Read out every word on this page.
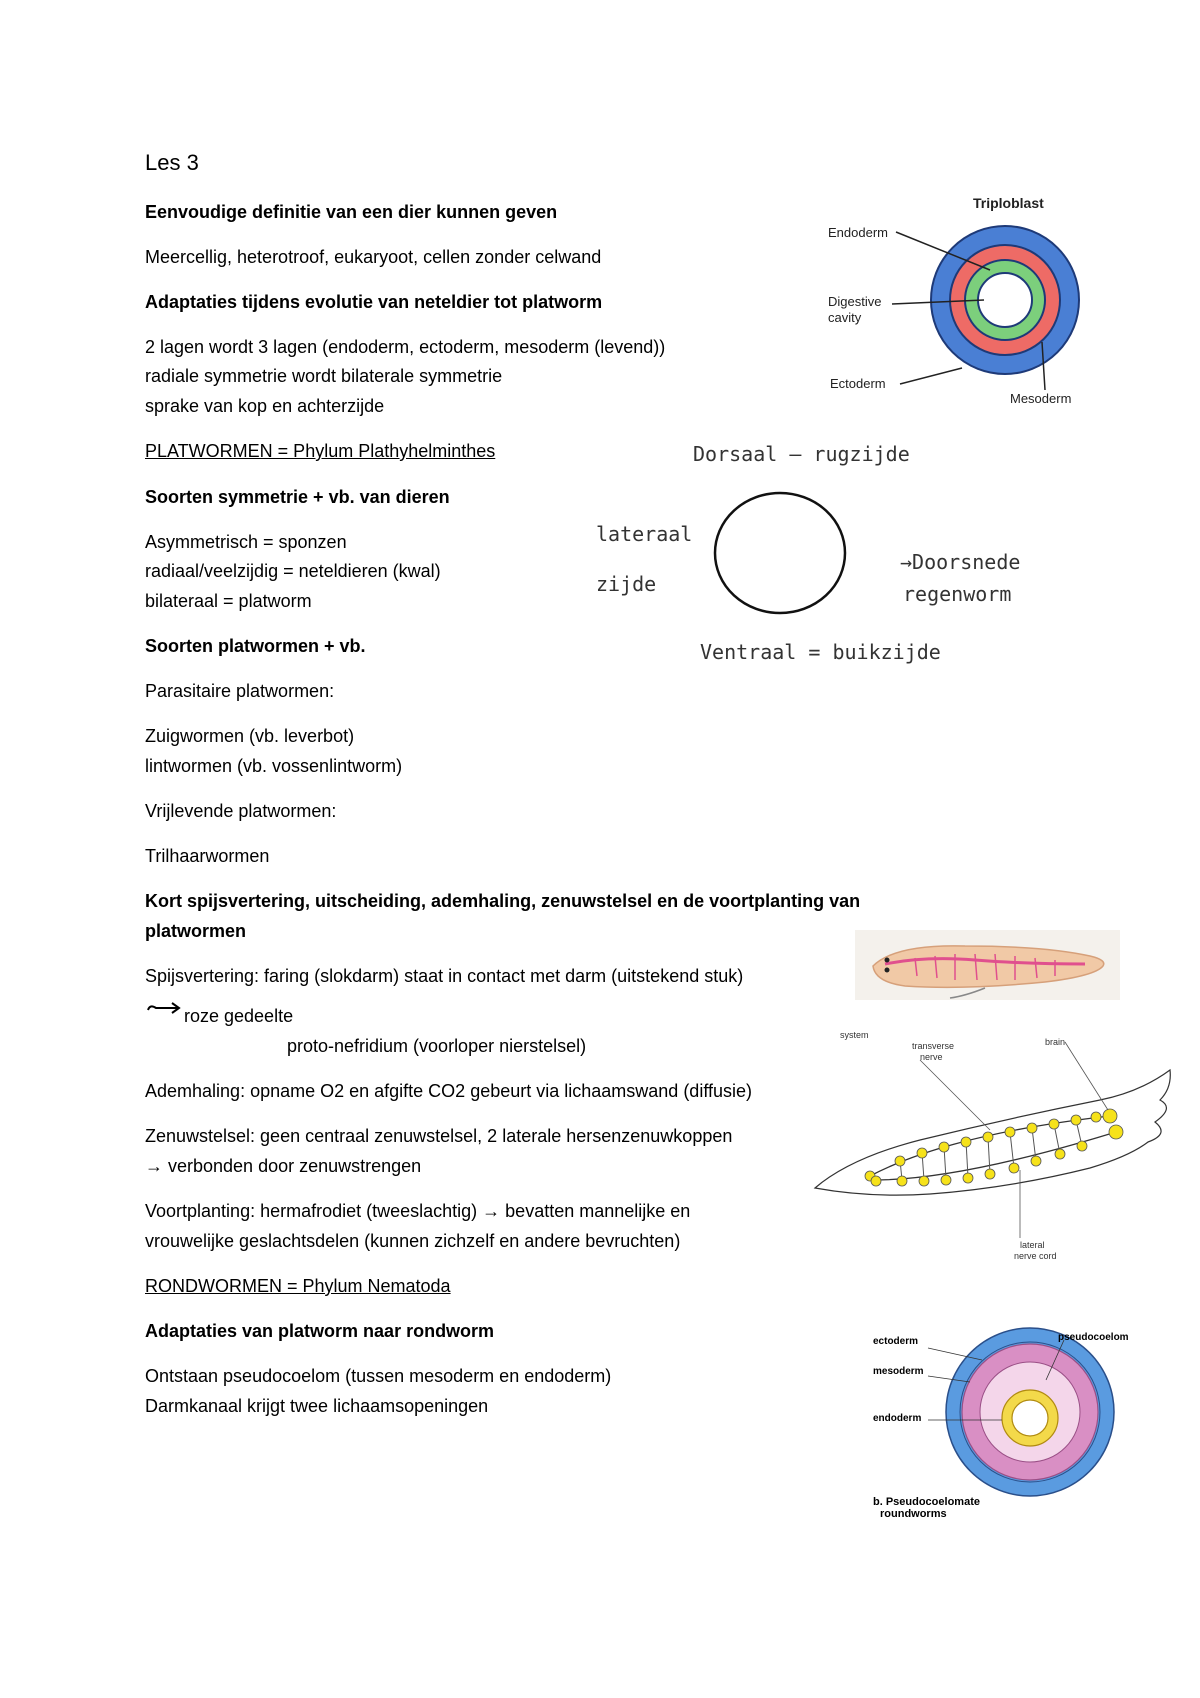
Les 3
Eenvoudige definitie van een dier kunnen geven
Meercellig, heterotroof, eukaryoot, cellen zonder celwand
Adaptaties tijdens evolutie van neteldier tot platworm
2 lagen wordt 3 lagen (endoderm, ectoderm, mesoderm (levend))
radiale symmetrie wordt bilaterale symmetrie
sprake van kop en achterzijde
PLATWORMEN = Phylum Plathyhelminthes
Soorten symmetrie + vb. van dieren
Asymmetrisch = sponzen
radiaal/veelzijdig = neteldieren (kwal)
bilateraal = platworm
Soorten platwormen + vb.
Parasitaire platwormen:
Zuigwormen (vb. leverbot)
lintwormen (vb. vossenlintworm)
Vrijlevende platwormen:
Trilhaarwormen
Kort spijsvertering, uitscheiding, ademhaling, zenuwstelsel en de voortplanting van
platwormen
Spijsvertering: faring (slokdarm) staat in contact met darm (uitstekend stuk)
roze gedeelte
proto-nefridium (voorloper nierstelsel)
Ademhaling: opname O2 en afgifte CO2 gebeurt via lichaamswand (diffusie)
Zenuwstelsel: geen centraal zenuwstelsel, 2 laterale hersenzenuwkoppen
→ verbonden door zenuwstrengen
Voortplanting: hermafrodiet (tweeslachtig) → bevatten mannelijke en
vrouwelijke geslachtsdelen (kunnen zichzelf en andere bevruchten)
RONDWORMEN = Phylum Nematoda
Adaptaties van platworm naar rondworm
Ontstaan pseudocoelom (tussen mesoderm en endoderm)
Darmkanaal krijgt twee lichaamsopeningen
Triploblast
Endoderm
Digestive
cavity
Ectoderm
Mesoderm
Dorsaal – rugzijde
lateraal
zijde
→Doorsnede
regenworm
Ventraal = buikzijde
system
transverse
nerve
brain
lateral
nerve cord
ectoderm	pseudocoelom
mesoderm
endoderm
b. Pseudocoelomate
roundworms
